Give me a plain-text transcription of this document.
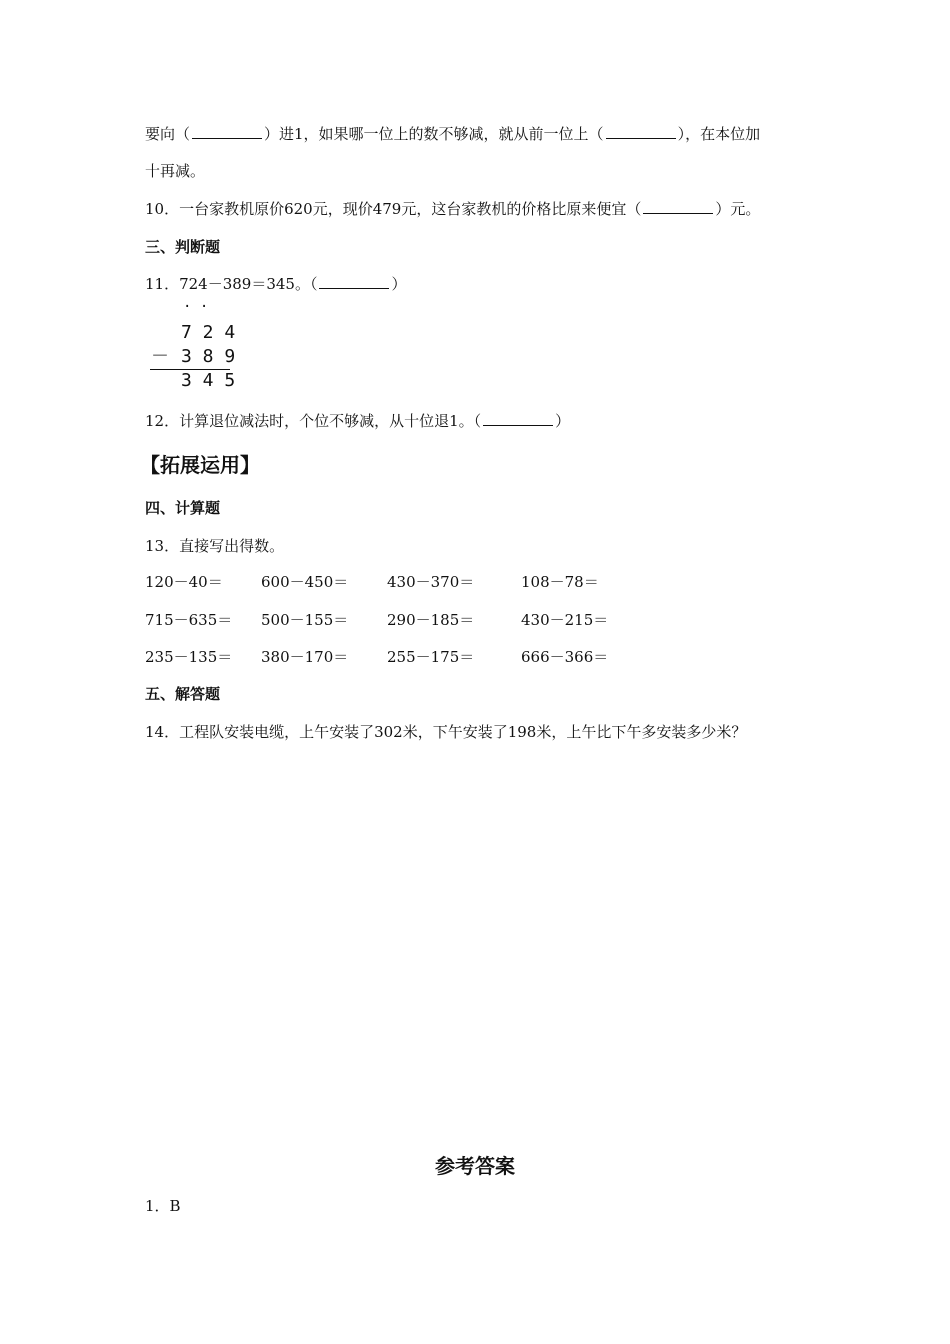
要向（	）进1，如果哪一位上的数不够减，就从前一位上（	），在本位加
十再减。
10．一台家教机原价620元，现价479元，这台家教机的价格比原来便宜（	）元。
三、判断题
11．724－389＝345。（	）
· ·
7 2 4
－ 3 8 9
3 4 5
12．计算退位减法时，个位不够减，从十位退1。（	）
【拓展运用】
四、计算题
13．直接写出得数。
120－40＝	600－450＝	430－370＝	108－78＝
715－635＝ 500－155＝	290－185＝	430－215＝
235－135＝ 380－170＝	255－175＝	666－366＝
五、解答题
14．工程队安装电缆，上午安装了302米，下午安装了198米，上午比下午多安装多少米？
参考答案
1．B
